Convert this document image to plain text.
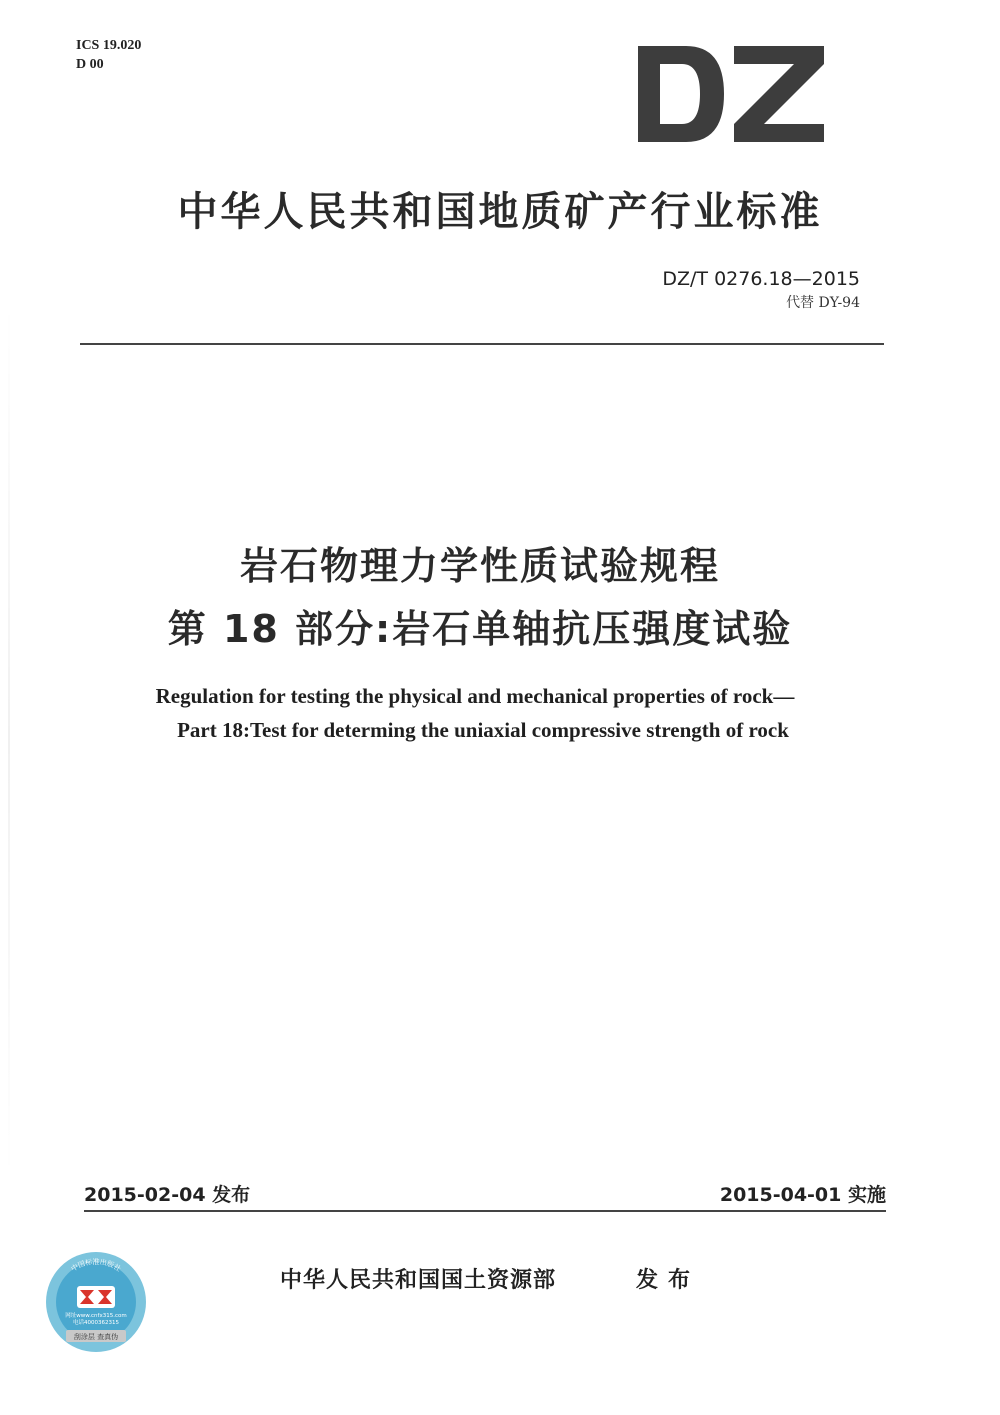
ICS 19.020
D 00
中华人民共和国地质矿产行业标准
DZ/T 0276.18—2015
代替 DY-94
岩石物理力学性质试验规程
第 18 部分:岩石单轴抗压强度试验
Regulation for testing the physical and mechanical properties of rock—
Part 18:Test for determing the uniaxial compressive strength of rock
2015-02-04 发布	2015-04-01 实施
中华人民共和国国土资源部	发布
中国标准出版社
网址www.cnfx315.com
电话4000362315
刮涂层 查真伪
